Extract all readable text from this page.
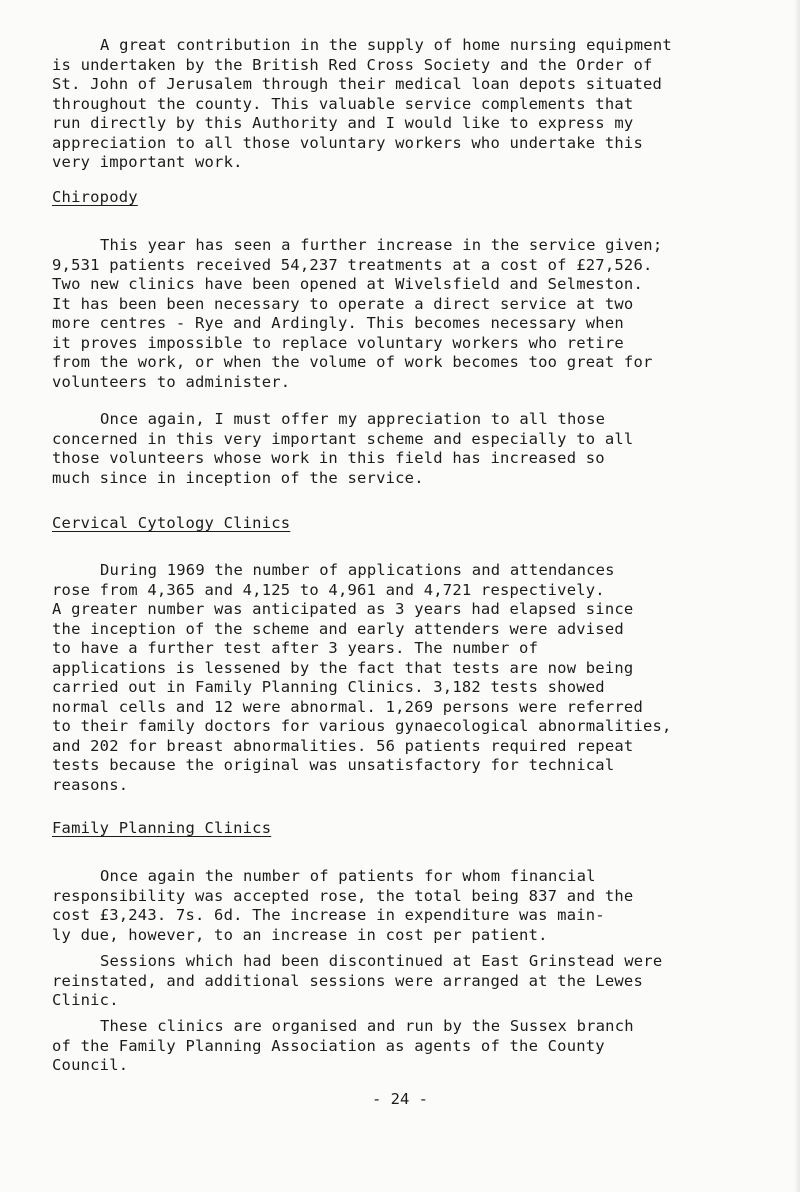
A great contribution in the supply of home nursing equipment
is undertaken by the British Red Cross Society and the Order of
St. John of Jerusalem through their medical loan depots situated
throughout the county. This valuable service complements that
run directly by this Authority and I would like to express my
appreciation to all those voluntary workers who undertake this
very important work.
Chiropody
This year has seen a further increase in the service given;
9,531 patients received 54,237 treatments at a cost of £27,526.
Two new clinics have been opened at Wivelsfield and Selmeston.
It has been been necessary to operate a direct service at two
more centres - Rye and Ardingly. This becomes necessary when
it proves impossible to replace voluntary workers who retire
from the work, or when the volume of work becomes too great for
volunteers to administer.
Once again, I must offer my appreciation to all those
concerned in this very important scheme and especially to all
those volunteers whose work in this field has increased so
much since in inception of the service.
Cervical Cytology Clinics
During 1969 the number of applications and attendances
rose from 4,365 and 4,125 to 4,961 and 4,721 respectively.
A greater number was anticipated as 3 years had elapsed since
the inception of the scheme and early attenders were advised
to have a further test after 3 years. The number of
applications is lessened by the fact that tests are now being
carried out in Family Planning Clinics. 3,182 tests showed
normal cells and 12 were abnormal. 1,269 persons were referred
to their family doctors for various gynaecological abnormalities,
and 202 for breast abnormalities. 56 patients required repeat
tests because the original was unsatisfactory for technical
reasons.
Family Planning Clinics
Once again the number of patients for whom financial
responsibility was accepted rose, the total being 837 and the
cost £3,243. 7s. 6d. The increase in expenditure was main-
ly due, however, to an increase in cost per patient.
Sessions which had been discontinued at East Grinstead were
reinstated, and additional sessions were arranged at the Lewes
Clinic.
These clinics are organised and run by the Sussex branch
of the Family Planning Association as agents of the County
Council.
- 24 -
